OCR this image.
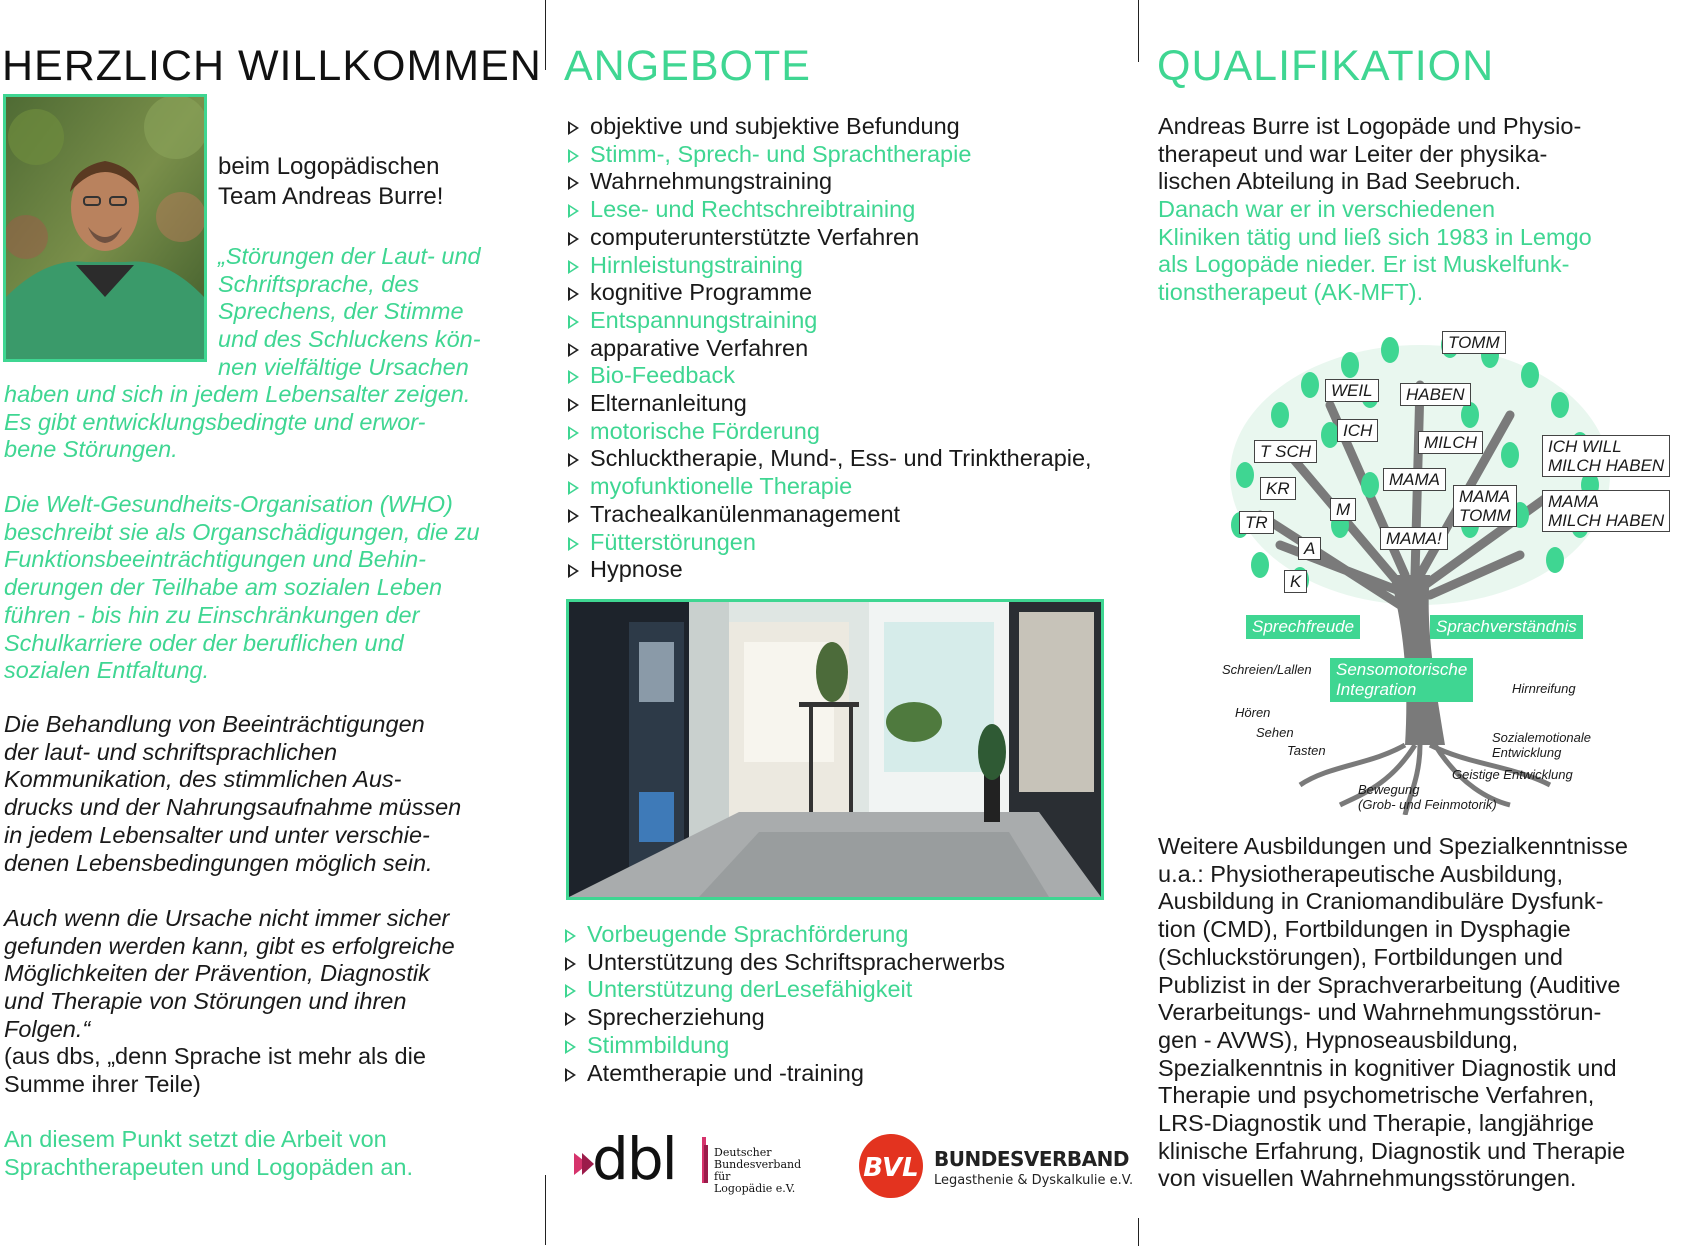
HERZLICH WILLKOMMEN
beim Logopädischen
Team Andreas Burre!
„Störungen der Laut- und
Schriftsprache, des
Sprechens, der Stimme
und des Schluckens kön-
nen vielfältige Ursachen
haben und sich in jedem Lebensalter zeigen.
Es gibt entwicklungsbedingte und erwor-
bene Störungen.
Die Welt-Gesundheits-Organisation (WHO)
beschreibt sie als Organschädigungen, die zu
Funktionsbeeinträchtigungen und Behin-
derungen der Teilhabe am sozialen Leben
führen - bis hin zu Einschränkungen der
Schulkarriere oder der beruflichen und
sozialen Entfaltung.
Die Behandlung von Beeinträchtigungen
der laut- und schriftsprachlichen
Kommunikation, des stimmlichen Aus-
drucks und der Nahrungsaufnahme müssen
in jedem Lebensalter und unter verschie-
denen Lebensbedingungen möglich sein.
Auch wenn die Ursache nicht immer sicher
gefunden werden kann, gibt es erfolgreiche
Möglichkeiten der Prävention, Diagnostik
und Therapie von Störungen und ihren
Folgen.“
(aus dbs, „denn Sprache ist mehr als die
Summe ihrer Teile)
An diesem Punkt setzt die Arbeit von
Sprachtherapeuten und Logopäden an.
ANGEBOTE
objektive und subjektive Befundung
Stimm-, Sprech- und Sprachtherapie
Wahrnehmungstraining
Lese- und Rechtschreibtraining
computerunterstützte Verfahren
Hirnleistungstraining
kognitive Programme
Entspannungstraining
apparative Verfahren
Bio-Feedback
Elternanleitung
motorische Förderung
Schlucktherapie, Mund-, Ess- und Trinktherapie,
myofunktionelle Therapie
Trachealkanülenmanagement
Fütterstörungen
Hypnose
Vorbeugende Sprachförderung
Unterstützung des Schriftspracherwerbs
Unterstützung derLesefähigkeit
Sprecherziehung
Stimmbildung
Atemtherapie und -training
dbl	Deutscher
Bundesverband für
Logopädie e.V.
BVL BUNDESVERBAND
Legasthenie & Dyskalkulie e.V.
QUALIFIKATION
Andreas Burre ist Logopäde und Physio-
therapeut und war Leiter der physika-
lischen Abteilung in Bad Seebruch.
Danach war er in verschiedenen
Kliniken tätig und ließ sich 1983 in Lemgo
als Logopäde nieder. Er ist Muskelfunk-
tionstherapeut (AK-MFT).
TOMM
WEIL	HABEN
ICH
MILCH
T SCH
KR	MAMA
M
MAMA
TOMM
TR
MAMA!
A
K
ICH WILL
MILCH HABEN
MAMA
MILCH HABEN
Sprechfreude	Sprachverständnis
Sensomotorische
Integration
Schreien/Lallen
Hirnreifung
Hören
Sehen
Tasten
Sozialemotionale
Entwicklung
Geistige Entwicklung
Bewegung
(Grob- und Feinmotorik)
Weitere Ausbildungen und Spezialkenntnisse
u.a.: Physiotherapeutische Ausbildung,
Ausbildung in Craniomandibuläre Dysfunk-
tion (CMD), Fortbildungen in Dysphagie
(Schluckstörungen), Fortbildungen und
Publizist in der Sprachverarbeitung (Auditive
Verarbeitungs- und Wahrnehmungsstörun-
gen - AVWS), Hypnoseausbildung,
Spezialkenntnis in kognitiver Diagnostik und
Therapie und psychometrische Verfahren,
LRS-Diagnostik und Therapie, langjährige
klinische Erfahrung, Diagnostik und Therapie
von visuellen Wahrnehmungsstörungen.
